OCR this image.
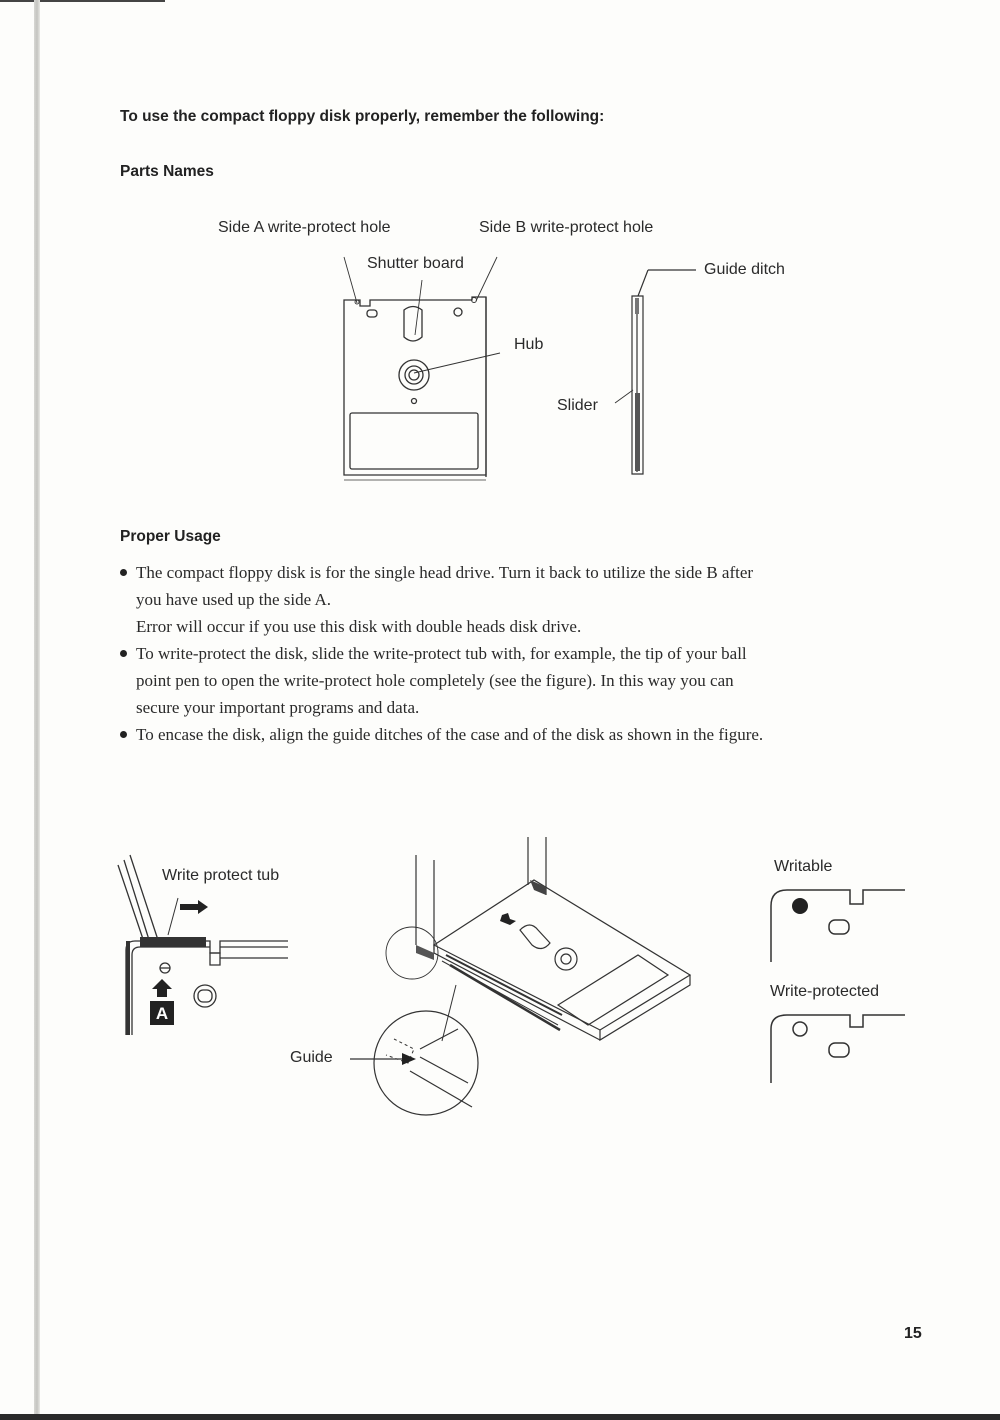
To use the compact floppy disk properly, remember the following:
Parts Names
Side A write-protect hole	Side B write-protect hole
Shutter board	Guide ditch
Hub
Slider
Proper Usage
The compact floppy disk is for the single head drive. Turn it back to utilize the side B after
you have used up the side A.
Error will occur if you use this disk with double heads disk drive.
To write-protect the disk, slide the write-protect tub with, for example, the tip of your ball
point pen to open the write-protect hole completely (see the figure). In this way you can
secure your important programs and data.
To encase the disk, align the guide ditches of the case and of the disk as shown in the figure.
Write protect tub
A
Guide
Writable
Write-protected
15
